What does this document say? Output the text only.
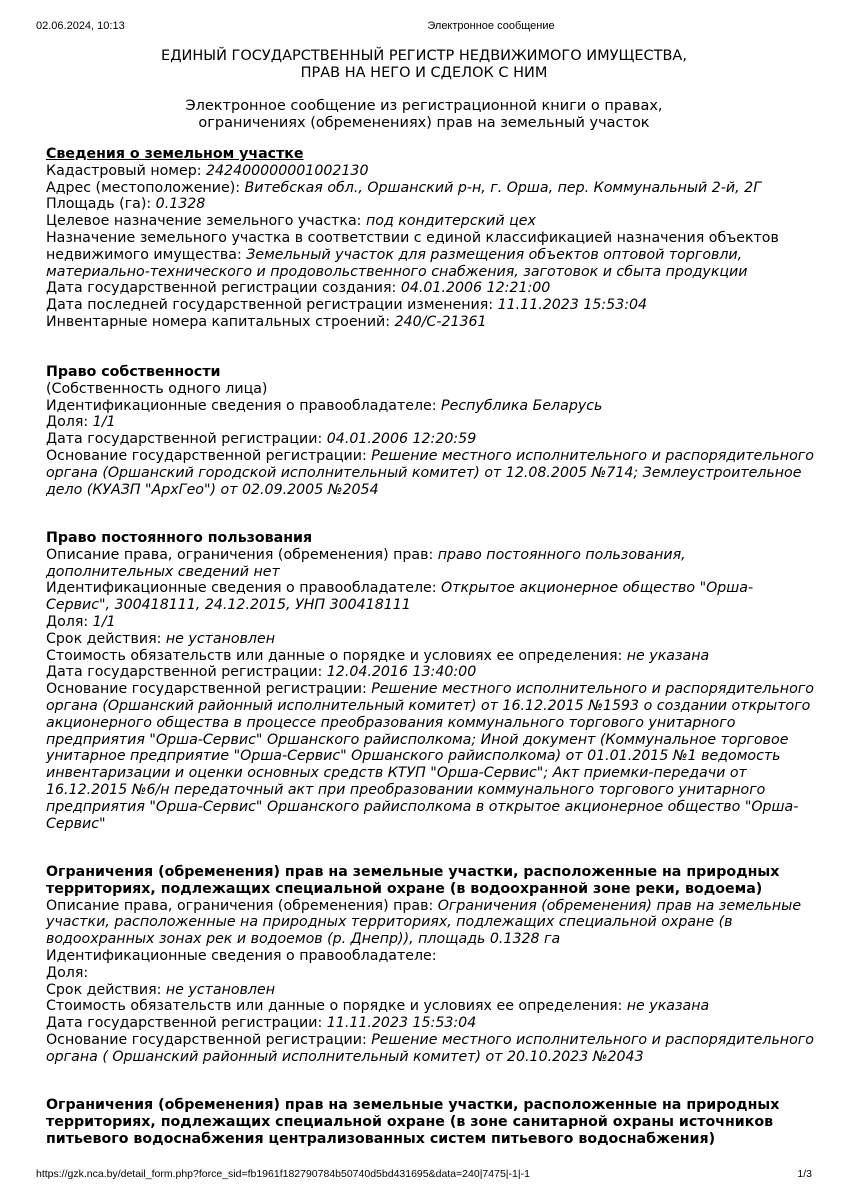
02.06.2024, 10:13	Электронное сообщение
ЕДИНЫЙ ГОСУДАРСТВЕННЫЙ РЕГИСТР НЕДВИЖИМОГО ИМУЩЕСТВА,
ПРАВ НА НЕГО И СДЕЛОК С НИМ
Электронное сообщение из регистрационной книги о правах,
ограничениях (обременениях) прав на земельный участок

Сведения о земельном участке

Кадастровый номер: 242400000001002130

Адрес (местоположение): Витебская обл., Оршанский р-н, г. Орша, пер. Коммунальный 2-й, 2Г

Площадь (га): 0.1328

Целевое назначение земельного участка: под кондитерский цех

Назначение земельного участка в соответствии с единой классификацией назначения объектов недвижимого имущества: Земельный участок для размещения объектов оптовой торговли, материально-технического и продовольственного снабжения, заготовок и сбыта продукции

Дата государственной регистрации создания: 04.01.2006 12:21:00

Дата последней государственной регистрации изменения: 11.11.2023 15:53:04

Инвентарные номера капитальных строений: 240/С-21361

Право собственности

(Собственность одного лица)

Идентификационные сведения о правообладателе: Республика Беларусь

Доля: 1/1

Дата государственной регистрации: 04.01.2006 12:20:59

Основание государственной регистрации: Решение местного исполнительного и распорядительного органа (Оршанский городской исполнительный комитет) от 12.08.2005 №714; Землеустроительное дело (КУАЗП "АрхГео") от 02.09.2005 №2054

Право постоянного пользования

Описание права, ограничения (обременения) прав: право постоянного пользования, дополнительных сведений нет

Идентификационные сведения о правообладателе: Открытое акционерное общество "Орша-Сервис", 300418111, 24.12.2015, УНП 300418111

Доля: 1/1

Срок действия: не установлен

Стоимость обязательств или данные о порядке и условиях ее определения: не указана

Дата государственной регистрации: 12.04.2016 13:40:00

Основание государственной регистрации: Решение местного исполнительного и распорядительного органа (Оршанский районный исполнительный комитет) от 16.12.2015 №1593 о создании открытого акционерного общества в процессе преобразования коммунального торгового унитарного предприятия "Орша-Сервис" Оршанского райисполкома; Иной документ (Коммунальное торговое унитарное предприятие "Орша-Сервис" Оршанского райисполкома) от 01.01.2015 №1 ведомость инвентаризации и оценки основных средств КТУП "Орша-Сервис"; Акт приемки-передачи от 16.12.2015 №6/н передаточный акт при преобразовании коммунального торгового унитарного предприятия "Орша-Сервис" Оршанского райисполкома в открытое акционерное общество "Орша-Сервис"

Ограничения (обременения) прав на земельные участки, расположенные на природных
территориях, подлежащих специальной охране (в водоохранной зоне реки, водоема)

Описание права, ограничения (обременения) прав: Ограничения (обременения) прав на земельные участки, расположенные на природных территориях, подлежащих специальной охране (в водоохранных зонах рек и водоемов (р. Днепр)), площадь 0.1328 га

Идентификационные сведения о правообладателе:

Доля:

Срок действия: не установлен

Стоимость обязательств или данные о порядке и условиях ее определения: не указана

Дата государственной регистрации: 11.11.2023 15:53:04

Основание государственной регистрации: Решение местного исполнительного и распорядительного органа ( Оршанский районный исполнительный комитет) от 20.10.2023 №2043

Ограничения (обременения) прав на земельные участки, расположенные на природных
территориях, подлежащих специальной охране (в зоне санитарной охраны источников
питьевого водоснабжения централизованных систем питьевого водоснабжения)

https://gzk.nca.by/detail_form.php?force_sid=fb1961f182790784b50740d5bd431695&data=240|7475|-1|-1	1/3
